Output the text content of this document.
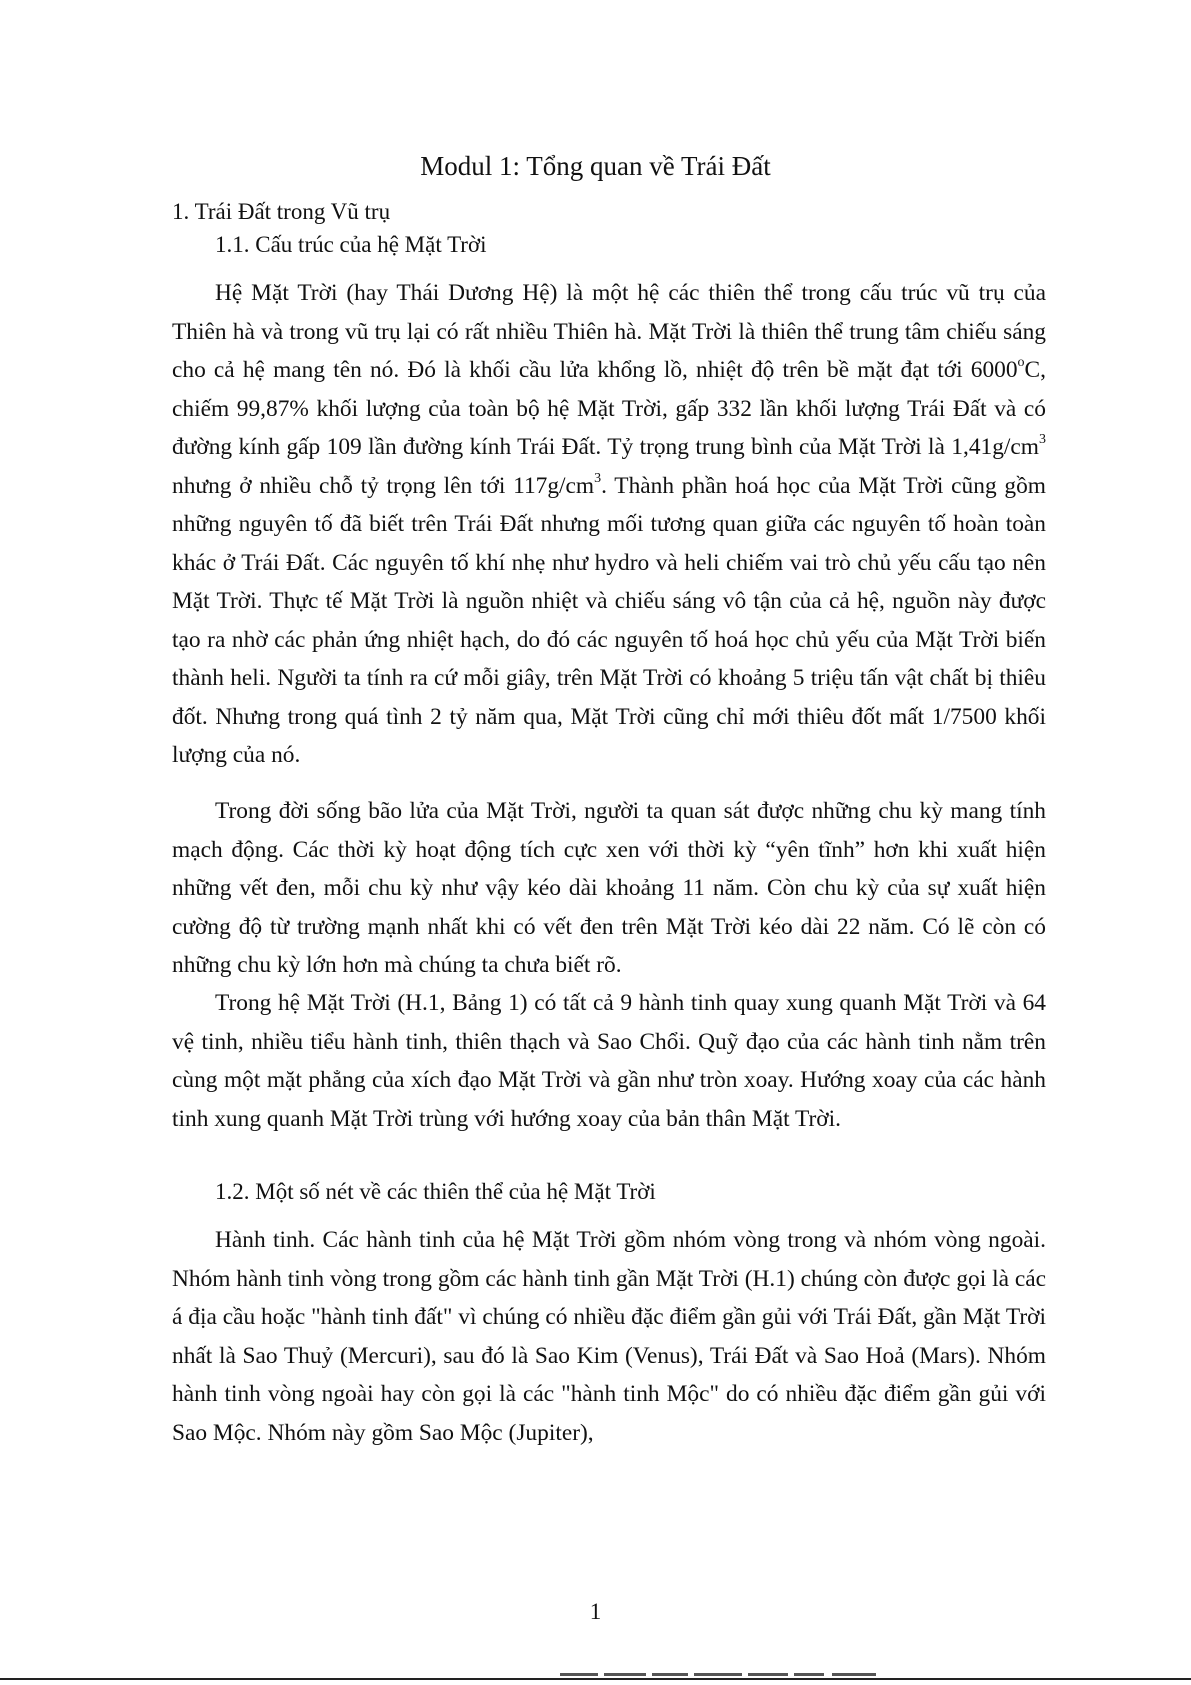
Modul 1: Tổng quan về Trái Đất
1. Trái Đất trong Vũ trụ
1.1. Cấu trúc của hệ Mặt Trời

Hệ Mặt Trời (hay Thái Dương Hệ) là một hệ các thiên thể trong cấu trúc vũ trụ của Thiên hà và trong vũ trụ lại có rất nhiều Thiên hà. Mặt Trời là thiên thể trung tâm chiếu sáng cho cả hệ mang tên nó. Đó là khối cầu lửa khổng lồ, nhiệt độ trên bề mặt đạt tới 6000$^o$C, chiếm 99,87% khối lượng của toàn bộ hệ Mặt Trời, gấp 332 lần khối lượng Trái Đất và có đường kính gấp 109 lần đường kính Trái Đất. Tỷ trọng trung bình của Mặt Trời là $1,41g/cm^3$ nhưng ở nhiều chỗ tỷ trọng lên tới $117g/cm^3$. Thành phần hoá học của Mặt Trời cũng gồm những nguyên tố đã biết trên Trái Đất nhưng mối tương quan giữa các nguyên tố hoàn toàn khác ở Trái Đất. Các nguyên tố khí nhẹ như hydro và heli chiếm vai trò chủ yếu cấu tạo nên Mặt Trời. Thực tế Mặt Trời là nguồn nhiệt và chiếu sáng vô tận của cả hệ, nguồn này được tạo ra nhờ các phản ứng nhiệt hạch, do đó các nguyên tố hoá học chủ yếu của Mặt Trời biến thành heli. Người ta tính ra cứ mỗi giây, trên Mặt Trời có khoảng 5 triệu tấn vật chất bị thiêu đốt. Nhưng trong quá tình 2 tỷ năm qua, Mặt Trời cũng chỉ mới thiêu đốt mất 1/7500 khối lượng của nó.

Trong đời sống bão lửa của Mặt Trời, người ta quan sát được những chu kỳ mang tính mạch động. Các thời kỳ hoạt động tích cực xen với thời kỳ “yên tĩnh” hơn khi xuất hiện những vết đen, mỗi chu kỳ như vậy kéo dài khoảng 11 năm. Còn chu kỳ của sự xuất hiện cường độ từ trường mạnh nhất khi có vết đen trên Mặt Trời kéo dài 22 năm. Có lẽ còn có những chu kỳ lớn hơn mà chúng ta chưa biết rõ.

Trong hệ Mặt Trời (H.1, Bảng 1) có tất cả 9 hành tinh quay xung quanh Mặt Trời và 64 vệ tinh, nhiều tiểu hành tinh, thiên thạch và Sao Chổi. Quỹ đạo của các hành tinh nằm trên cùng một mặt phẳng của xích đạo Mặt Trời và gần như tròn xoay. Hướng xoay của các hành tinh xung quanh Mặt Trời trùng với hướng xoay của bản thân Mặt Trời.

1.2. Một số nét về các thiên thể của hệ Mặt Trời

Hành tinh. Các hành tinh của hệ Mặt Trời gồm nhóm vòng trong và nhóm vòng ngoài. Nhóm hành tinh vòng trong gồm các hành tinh gần Mặt Trời (H.1) chúng còn được gọi là các á địa cầu hoặc "hành tinh đất" vì chúng có nhiều đặc điểm gần gủi với Trái Đất, gần Mặt Trời nhất là Sao Thuỷ (Mercuri), sau đó là Sao Kim (Venus), Trái Đất và Sao Hoả (Mars). Nhóm hành tinh vòng ngoài hay còn gọi là các "hành tinh Mộc" do có nhiều đặc điểm gần gủi với Sao Mộc. Nhóm này gồm Sao Mộc (Jupiter),

1
